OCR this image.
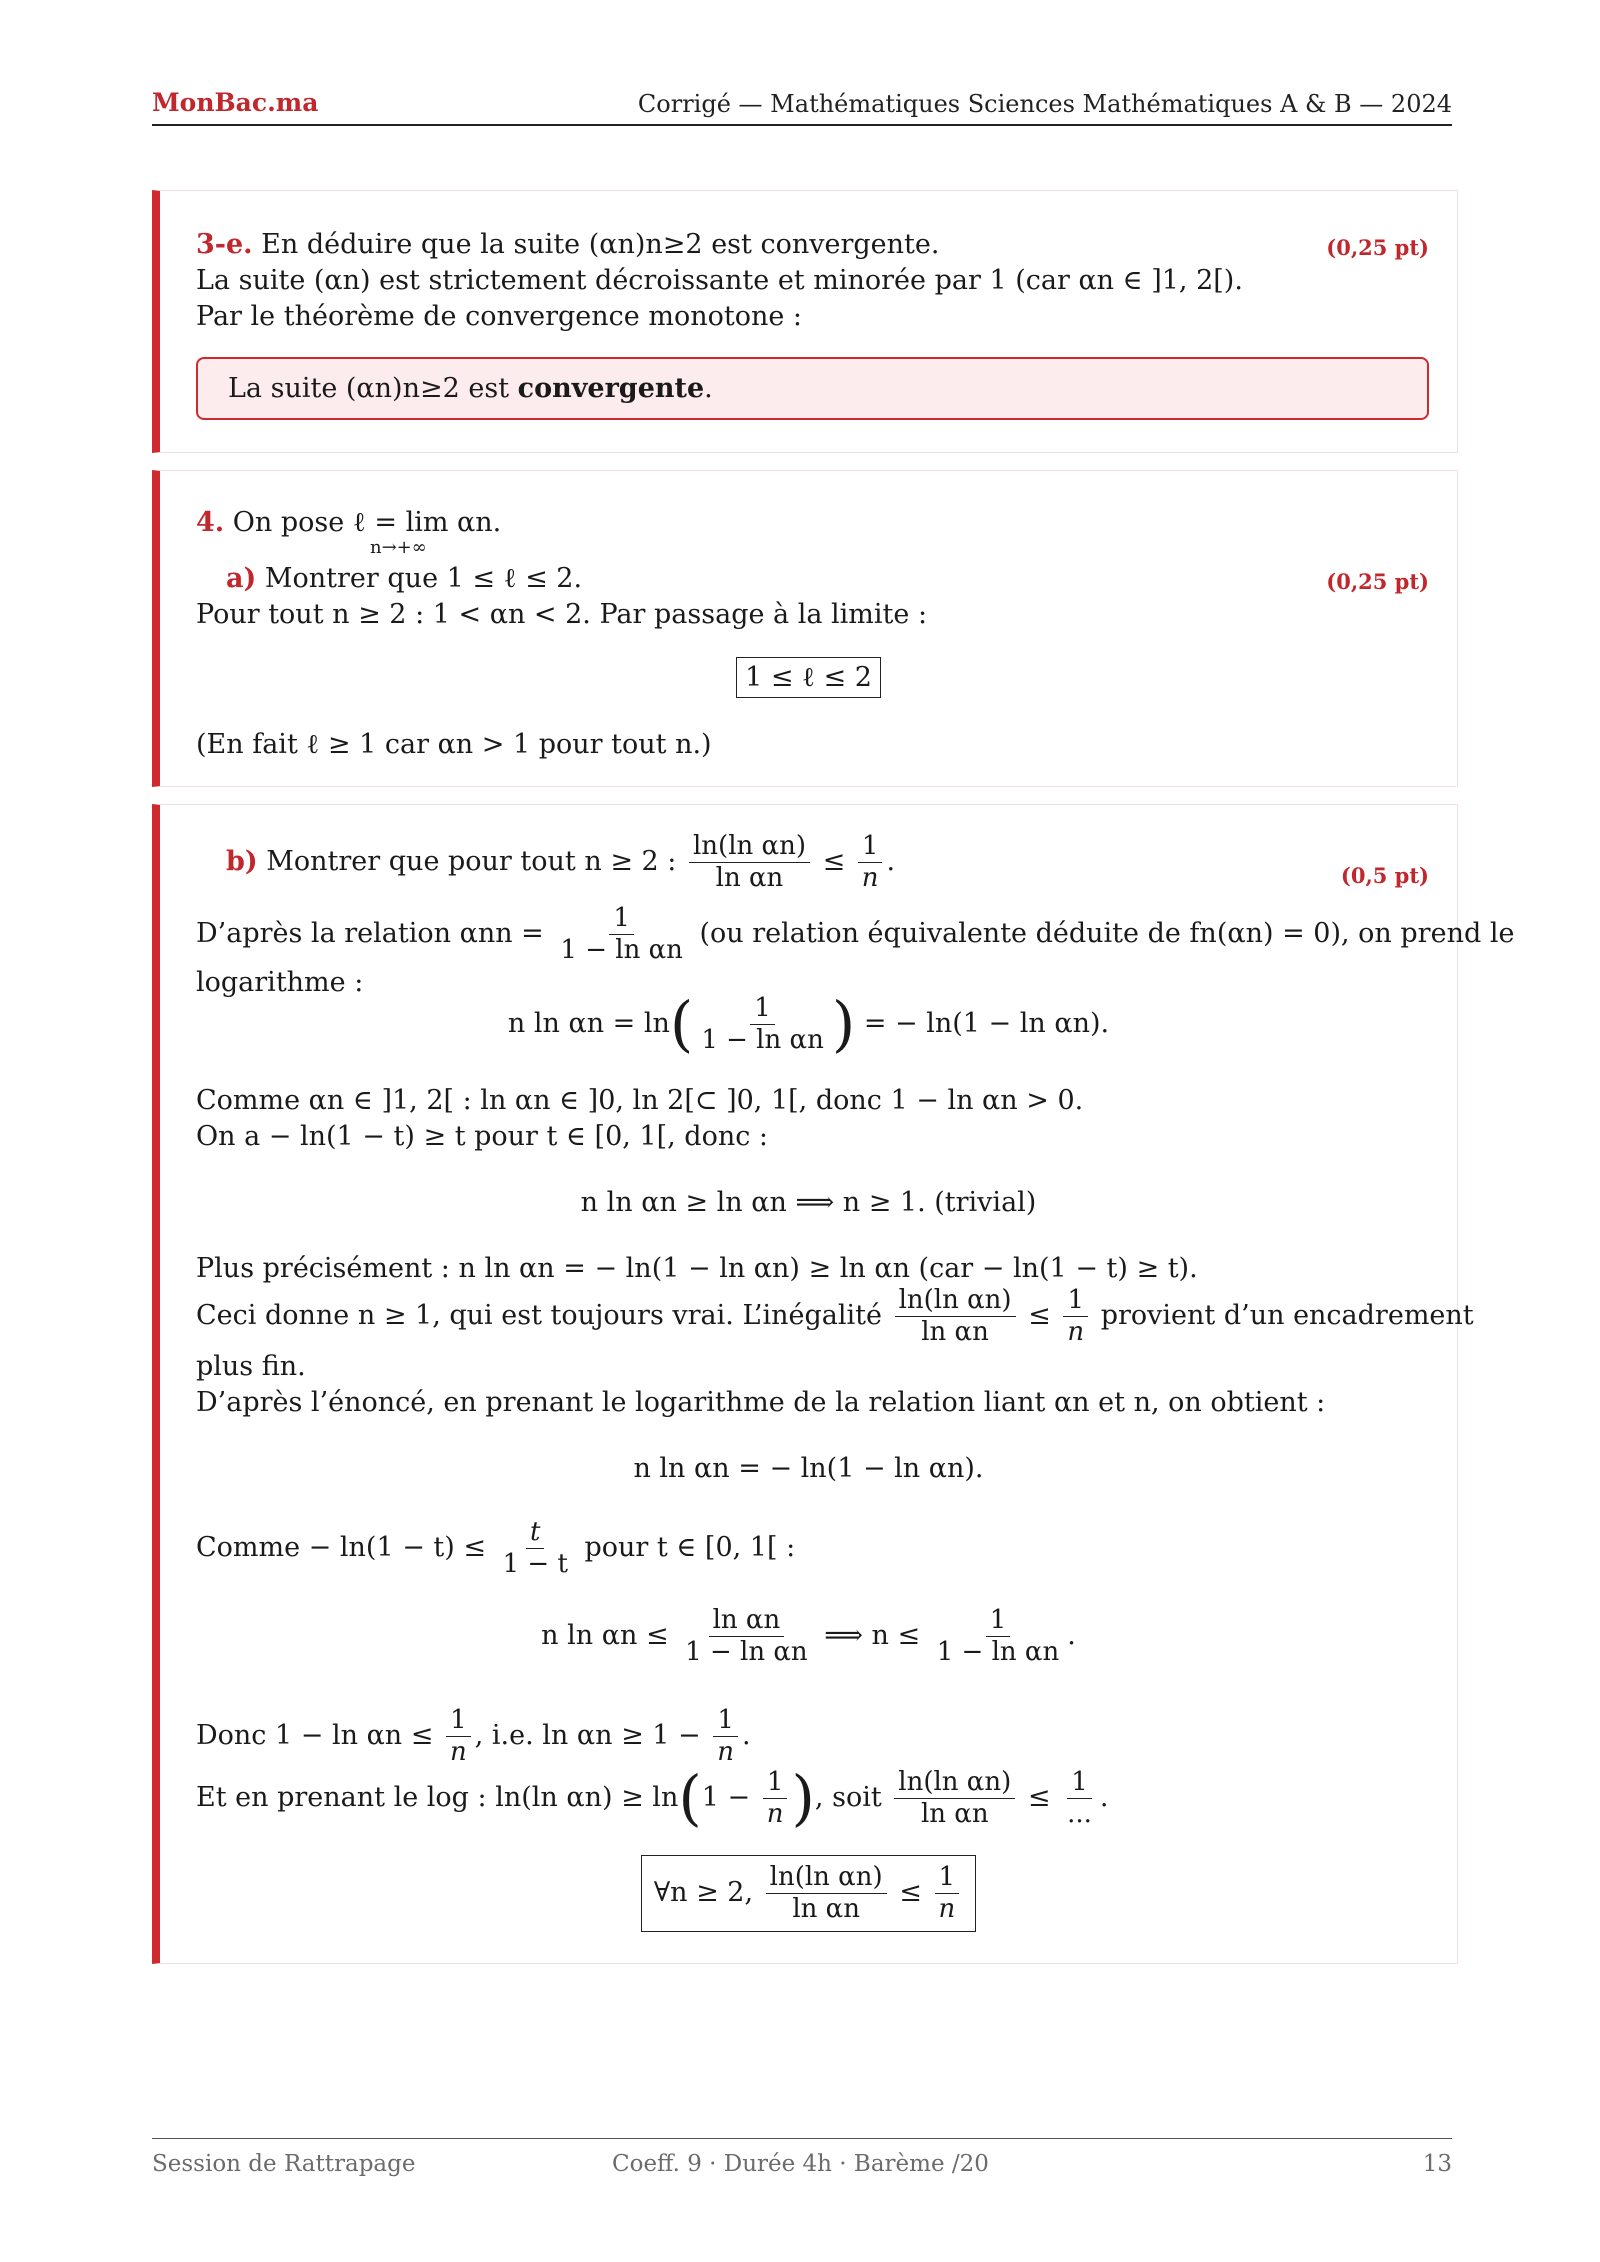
MonBac.ma	Corrigé — Mathématiques Sciences Mathématiques A & B — 2024
3-e. En déduire que la suite (αn)n≥2 est convergente.	(0,25 pt)
La suite (αn) est strictement décroissante et minorée par 1 (car αn ∈ ]1, 2[).
Par le théorème de convergence monotone :
La suite (αn)n≥2 est convergente.
4. On pose ℓ = lim αn.
n→+∞
a) Montrer que 1 ≤ ℓ ≤ 2.	(0,25 pt)
Pour tout n ≥ 2 : 1 < αn < 2. Par passage à la limite :
1 ≤ ℓ ≤ 2
(En fait ℓ ≥ 1 car αn > 1 pour tout n.)
b) Montrer que pour tout n ≥ 2 : $\frac{\text{ln(ln αn)}}{\text{ln αn}} \le \frac{1}{n}$ .	(0,5 pt)
D’après la relation $\alpha nn = \frac{1}{\text{1 − ln αn}} (ou$ relation équivalente déduite de fn(αn) = 0), on prend le
logarithme :
n $\ln \alpha n = \ln( \frac{1}{\text{1 − ln αn}}$ ) = − ln(1 − ln αn).
Comme αn ∈ ]1, 2[ : ln αn ∈ ]0, ln 2[⊂ ]0, 1[, donc 1 − ln αn > 0.
On a − ln(1 − t) ≥ t pour t ∈ [0, 1[, donc :
n ln αn ≥ ln αn ⟹ n ≥ 1. (trivial)
Plus précisément : n ln αn = − ln(1 − ln αn) ≥ ln αn (car − ln(1 − t) ≥ t).
Ceci donne n ≥ 1, qui est toujours vrai. L’inégalité $\frac{\text{ln(ln αn)}}{\text{ln αn}} \le \frac{1}{n}$ provient d’un encadrement
plus fin.
D’après l’énoncé, en prenant le logarithme de la relation liant αn et n, on obtient :
n ln αn = − ln(1 − ln αn).
Comme − $\ln(1 - t) \le \frac{t}{1 - t}$ pour t ∈ [0, 1[ :
n $\ln \alpha n \le \frac{\text{ln αn}}{\text{1 − ln αn}}$ ⟹ $n \le \frac{1}{\text{1 − ln αn}}$ .
Donc $1 - \ln \alpha n \le \frac{1}{n}$ , i.e. $\ln \alpha n \ge 1 - \frac{1}{n}$ .
Et en prenant le log : ln(ln $\alpha n) \ge \ln(1 - \frac{1}{n}$ ), soit $\frac{\text{ln(ln αn)}}{\text{ln αn}} \le \frac{1}{...}$ .
∀n ≥ 2, $\frac{\text{ln(ln αn)}}{\text{ln αn}} \le \frac{1}{n}$
Session de Rattrapage	Coeff. 9 · Durée 4h · Barème /20	13
